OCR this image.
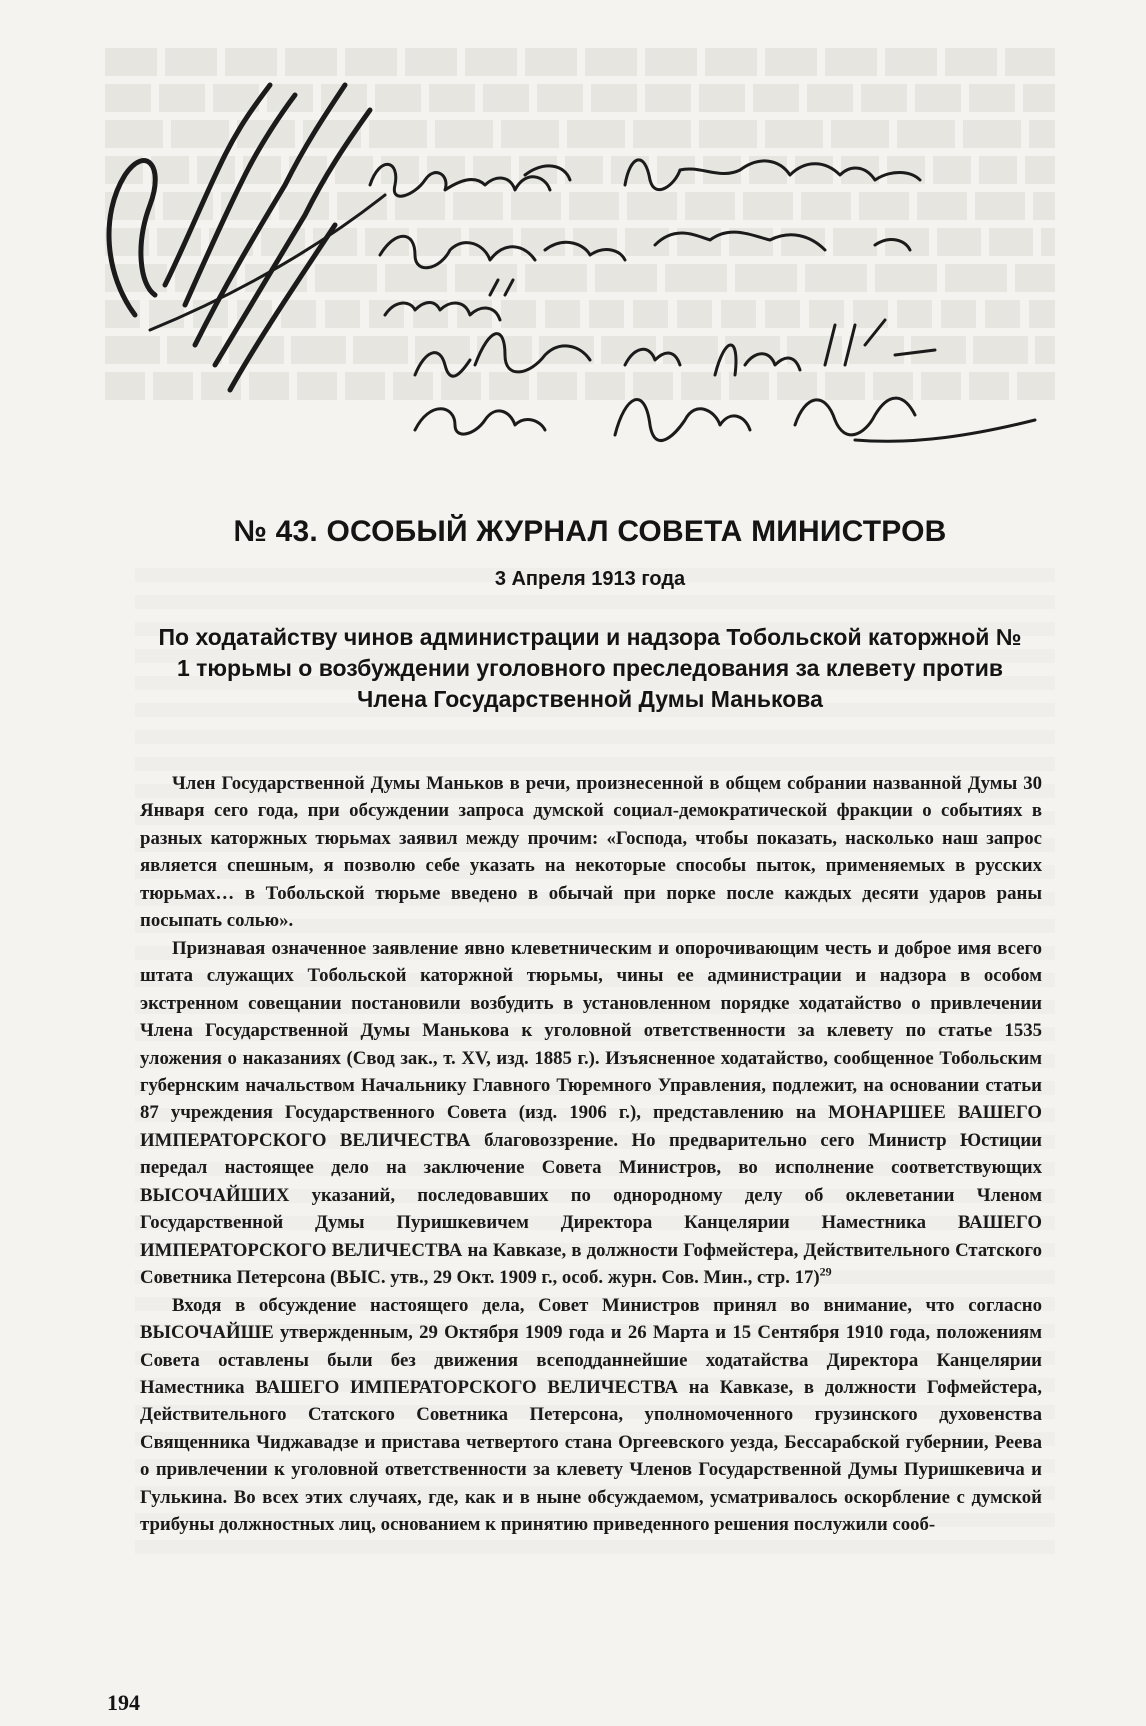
№ 43. ОСОБЫЙ ЖУРНАЛ СОВЕТА МИНИСТРОВ
3 Апреля 1913 года
По ходатайству чинов администрации и надзора Тобольской каторжной № 1 тюрьмы о возбуждении уголовного преследования за клевету против Члена Государственной Думы Манькова

Член Государственной Думы Маньков в речи, произнесенной в общем собрании названной Думы 30 Января сего года, при обсуждении запроса думской социал-демократической фракции о событиях в разных каторжных тюрьмах заявил между прочим: «Господа, чтобы показать, насколько наш запрос является спешным, я позволю себе указать на некоторые способы пыток, применяемых в русских тюрьмах… в Тобольской тюрьме введено в обычай при порке после каждых десяти ударов раны посыпать солью».

Признавая означенное заявление явно клеветническим и опорочивающим честь и доброе имя всего штата служащих Тобольской каторжной тюрьмы, чины ее администрации и надзора в особом экстренном совещании постановили возбудить в установленном порядке ходатайство о привлечении Члена Государственной Думы Манькова к уголовной ответственности за клевету по статье 1535 уложения о наказаниях (Свод зак., т. XV, изд. 1885 г.). Изъясненное ходатайство, сообщенное Тобольским губернским начальством Начальнику Главного Тюремного Управления, подлежит, на основании статьи 87 учреждения Государственного Совета (изд. 1906 г.), представлению на МОНАРШЕЕ ВАШЕГО ИМПЕРАТОРСКОГО ВЕЛИЧЕСТВА благовоззрение. Но предварительно сего Министр Юстиции передал настоящее дело на заключение Совета Министров, во исполнение соответствующих ВЫСОЧАЙШИХ указаний, последовавших по однородному делу об оклеветании Членом Государственной Думы Пуришкевичем Директора Канцелярии Наместника ВАШЕГО ИМПЕРАТОРСКОГО ВЕЛИЧЕСТВА на Кавказе, в должности Гофмейстера, Действительного Статского Советника Петерсона (ВЫС. утв., 29 Окт. 1909 г., особ. журн. Сов. Мин., стр. 17)$^{29}$

Входя в обсуждение настоящего дела, Совет Министров принял во внимание, что согласно ВЫСОЧАЙШЕ утвержденным, 29 Октября 1909 года и 26 Марта и 15 Сентября 1910 года, положениям Совета оставлены были без движения всеподданнейшие ходатайства Директора Канцелярии Наместника ВАШЕГО ИМПЕРАТОРСКОГО ВЕЛИЧЕСТВА на Кавказе, в должности Гофмейстера, Действительного Статского Советника Петерсона, уполномоченного грузинского духовенства Священника Чиджавадзе и пристава четвертого стана Оргеевского уезда, Бессарабской губернии, Реева о привлечении к уголовной ответственности за клевету Членов Государственной Думы Пуришкевича и Гулькина. Во всех этих случаях, где, как и в ныне обсуждаемом, усматривалось оскорбление с думской трибуны должностных лиц, основанием к принятию приведенного решения послужили сооб-

194
